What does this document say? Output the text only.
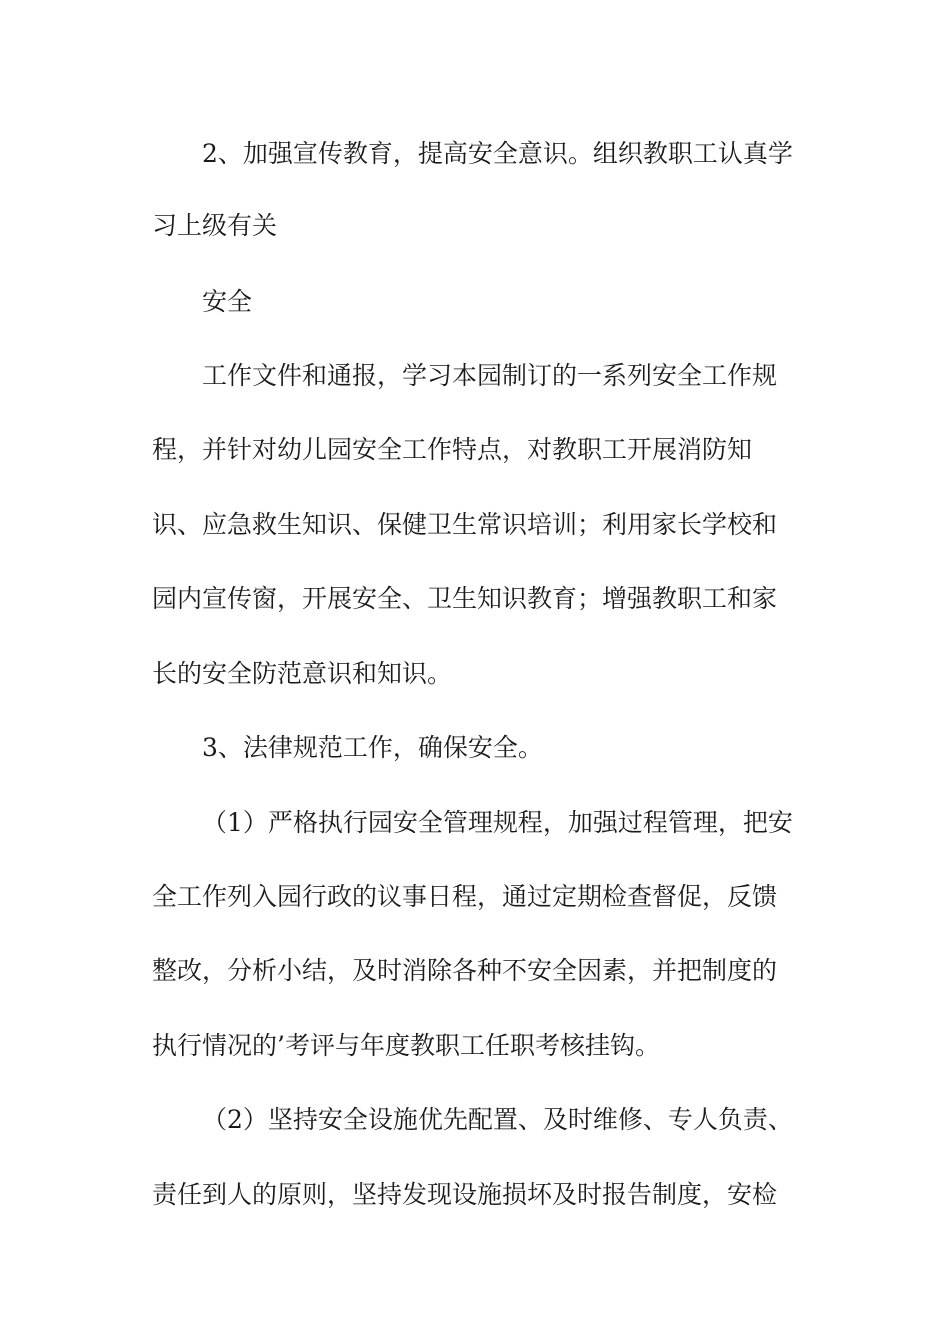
2、加强宣传教育，提高安全意识。组织教职工认真学
习上级有关
安全
工作文件和通报，学习本园制订的一系列安全工作规
程，并针对幼儿园安全工作特点，对教职工开展消防知
识、应急救生知识、保健卫生常识培训；利用家长学校和
园内宣传窗，开展安全、卫生知识教育；增强教职工和家
长的安全防范意识和知识。
3、法律规范工作，确保安全。
（1）严格执行园安全管理规程，加强过程管理，把安
全工作列入园行政的议事日程，通过定期检查督促，反馈
整改，分析小结，及时消除各种不安全因素，并把制度的
执行情况的’考评与年度教职工任职考核挂钩。
（2）坚持安全设施优先配置、及时维修、专人负责、
责任到人的原则，坚持发现设施损坏及时报告制度，安检
